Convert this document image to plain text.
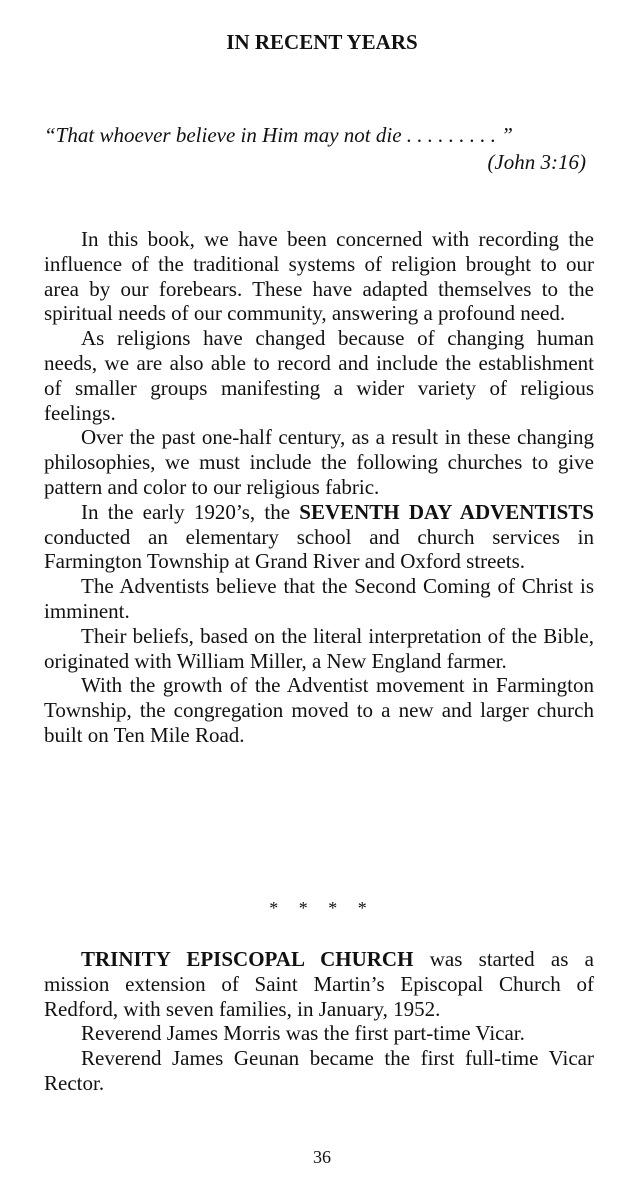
IN RECENT YEARS
“That whoever believe in Him may not die . . . . . . . . . ”
(John 3:16)

In this book, we have been concerned with recording the influence of the traditional systems of religion brought to our area by our forebears. These have adapted themselves to the spiritual needs of our community, answering a profound need.

As religions have changed because of changing human needs, we are also able to record and include the establishment of smaller groups manifesting a wider variety of religious feelings.

Over the past one-half century, as a result in these changing philosophies, we must include the following churches to give pattern and color to our religious fabric.

In the early 1920’s, the SEVENTH DAY ADVENTISTS conducted an elementary school and church services in Farmington Township at Grand River and Oxford streets.

The Adventists believe that the Second Coming of Christ is imminent.

Their beliefs, based on the literal interpretation of the Bible, originated with William Miller, a New England farmer.

With the growth of the Adventist movement in Farmington Township, the congregation moved to a new and larger church built on Ten Mile Road.

* * * *

TRINITY EPISCOPAL CHURCH was started as a mission extension of Saint Martin’s Episcopal Church of Redford, with seven families, in January, 1952.

Reverend James Morris was the first part-time Vicar.

Reverend James Geunan became the first full-time Vicar Rector.

36
